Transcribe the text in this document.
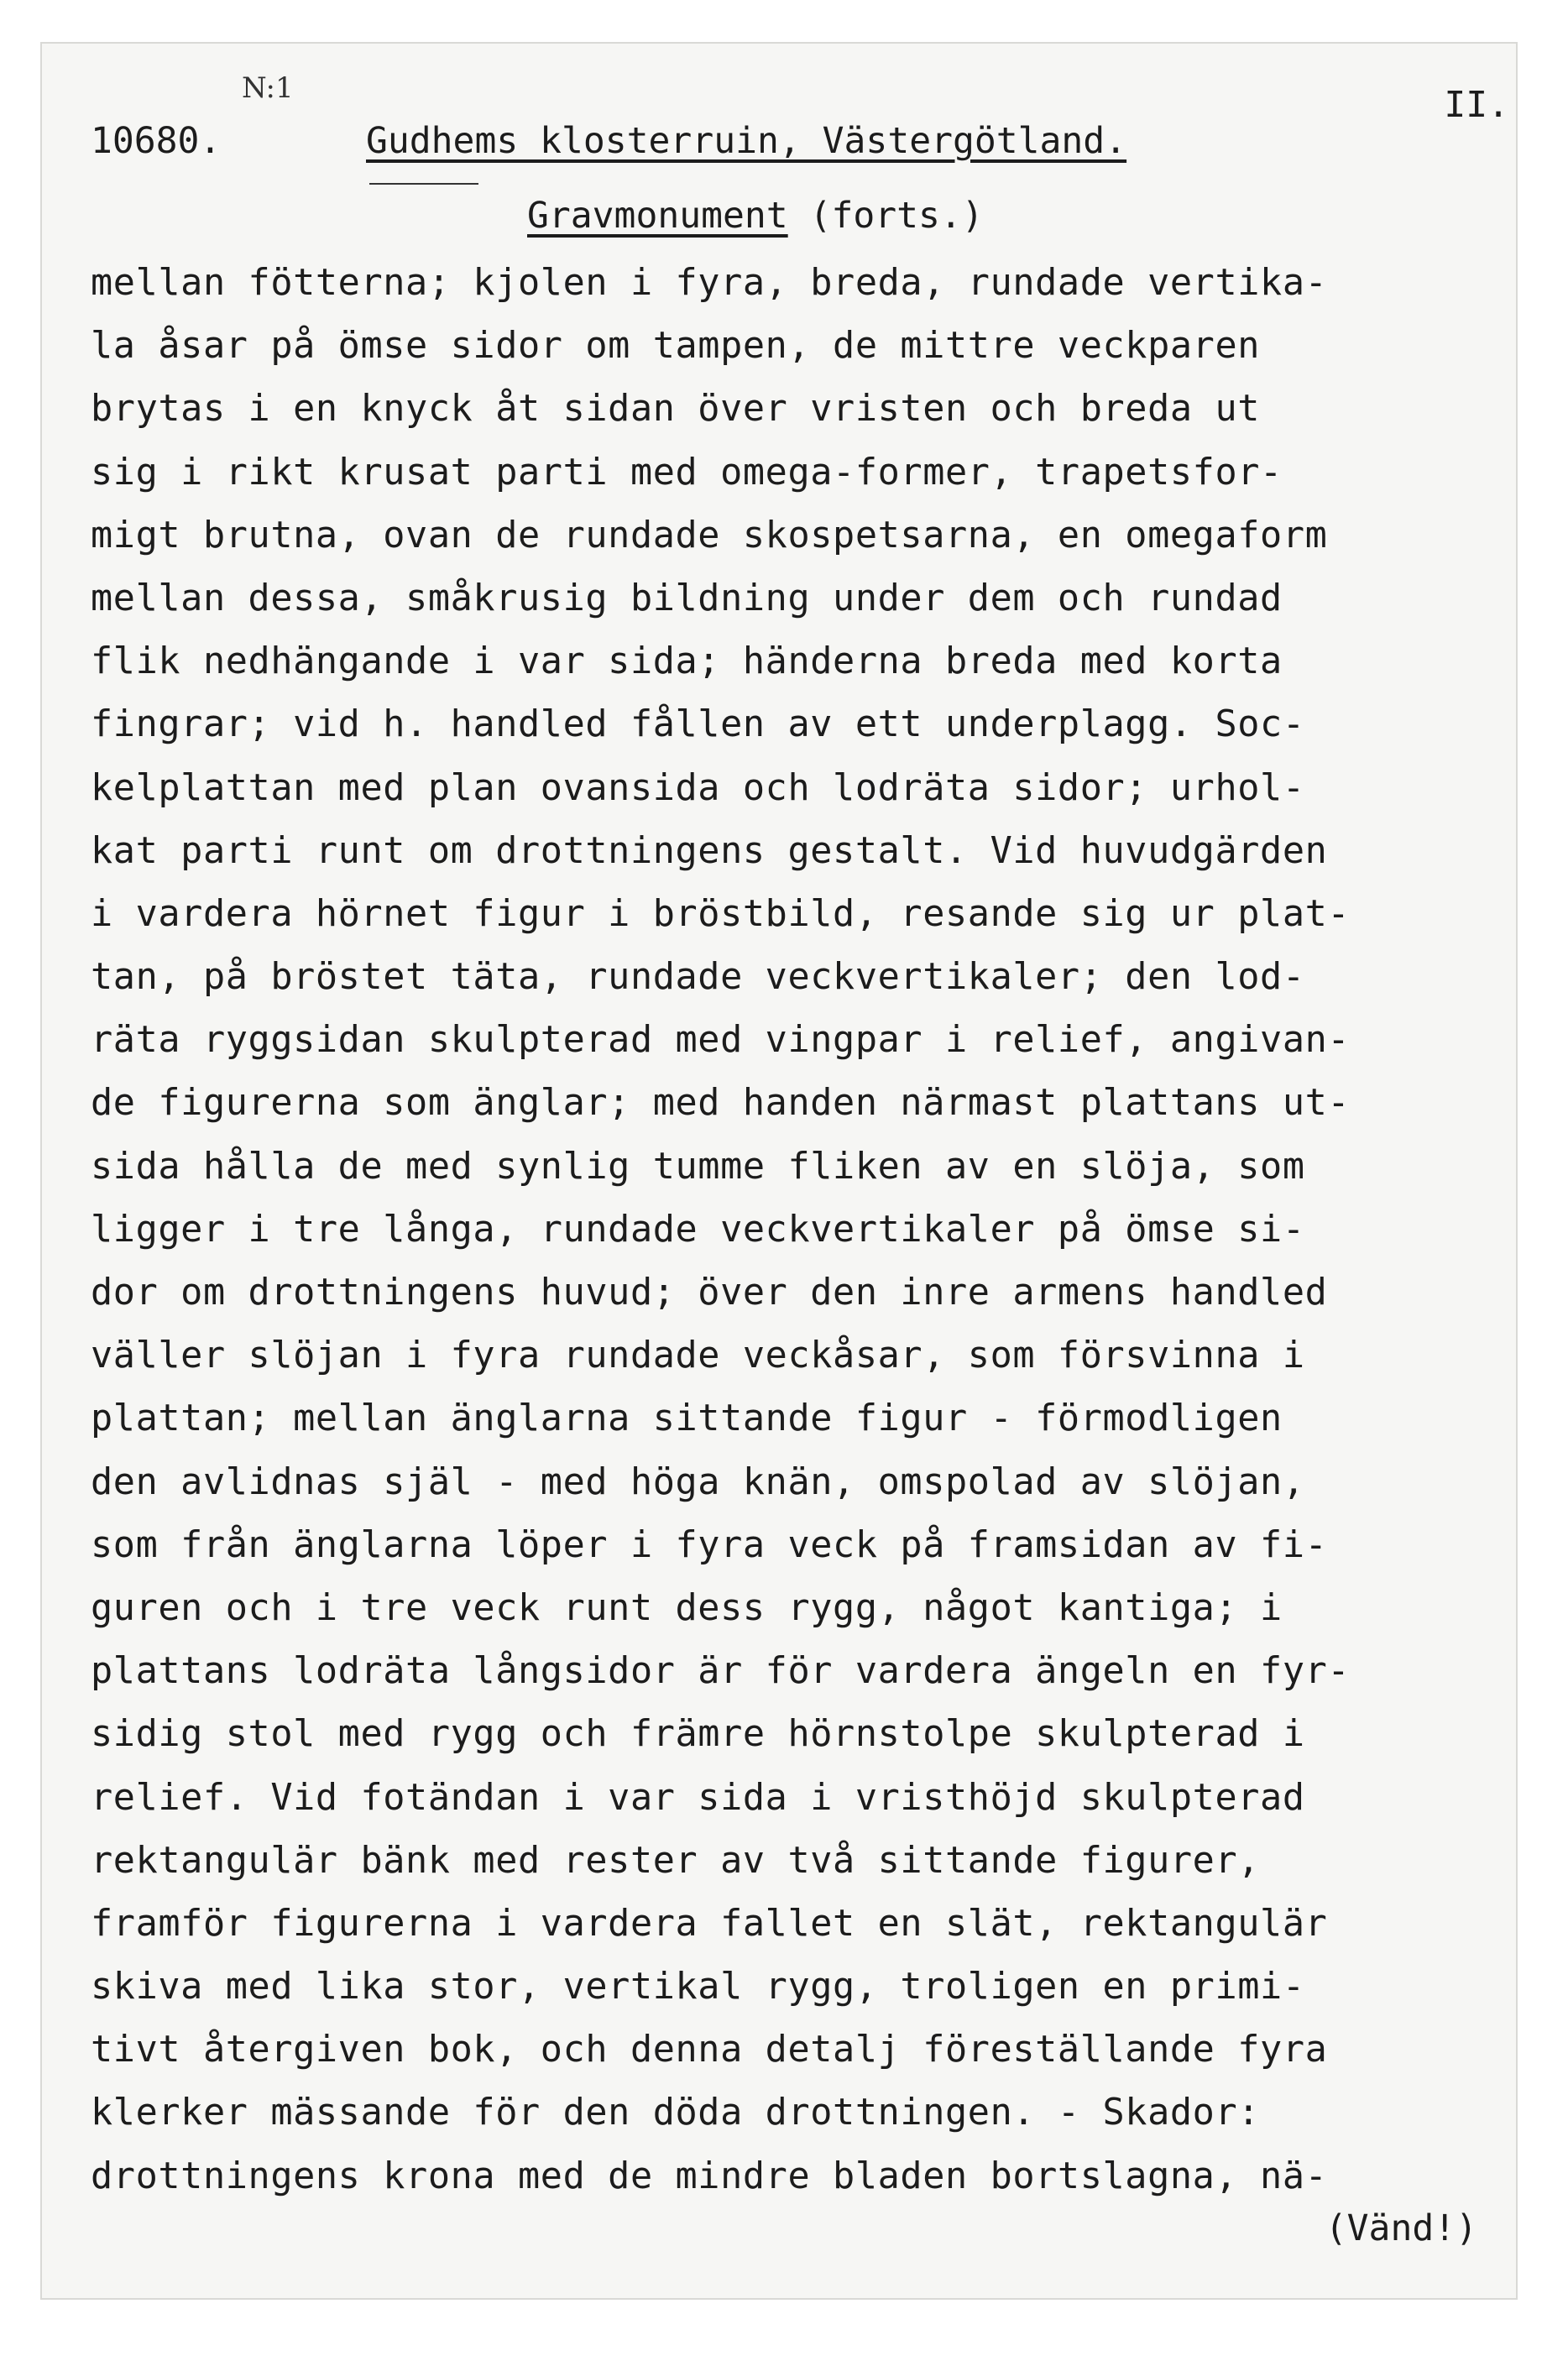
N:1	II.
10680.	Gudhems klosterruin, Västergötland.
Gravmonument (forts.)
mellan fötterna; kjolen i fyra, breda, rundade vertika-
la åsar på ömse sidor om tampen, de mittre veckparen
brytas i en knyck åt sidan över vristen och breda ut
sig i rikt krusat parti med omega-former, trapetsfor-
migt brutna, ovan de rundade skospetsarna, en omegaform
mellan dessa, småkrusig bildning under dem och rundad
flik nedhängande i var sida; händerna breda med korta
fingrar; vid h. handled fållen av ett underplagg. Soc-
kelplattan med plan ovansida och lodräta sidor; urhol-
kat parti runt om drottningens gestalt. Vid huvudgärden
i vardera hörnet figur i bröstbild, resande sig ur plat-
tan, på bröstet täta, rundade veckvertikaler; den lod-
räta ryggsidan skulpterad med vingpar i relief, angivan-
de figurerna som änglar; med handen närmast plattans ut-
sida hålla de med synlig tumme fliken av en slöja, som
ligger i tre långa, rundade veckvertikaler på ömse si-
dor om drottningens huvud; över den inre armens handled
väller slöjan i fyra rundade veckåsar, som försvinna i
plattan; mellan änglarna sittande figur - förmodligen
den avlidnas själ - med höga knän, omspolad av slöjan,
som från änglarna löper i fyra veck på framsidan av fi-
guren och i tre veck runt dess rygg, något kantiga; i
plattans lodräta långsidor är för vardera ängeln en fyr-
sidig stol med rygg och främre hörnstolpe skulpterad i
relief. Vid fotändan i var sida i vristhöjd skulpterad
rektangulär bänk med rester av två sittande figurer,
framför figurerna i vardera fallet en slät, rektangulär
skiva med lika stor, vertikal rygg, troligen en primi-
tivt återgiven bok, och denna detalj föreställande fyra
klerker mässande för den döda drottningen. - Skador:
drottningens krona med de mindre bladen bortslagna, nä-
(Vänd!)
